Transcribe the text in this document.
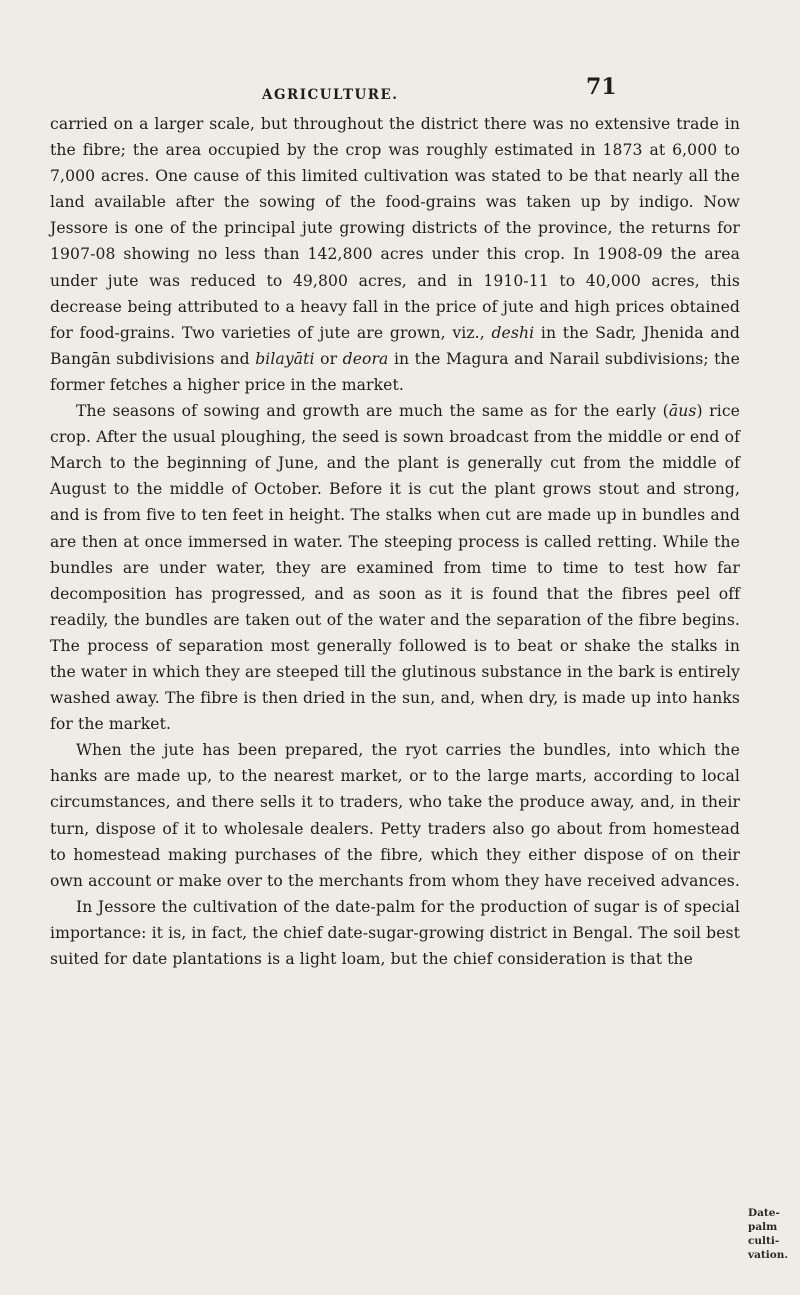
AGRICULTURE.	71

carried on a larger scale, but throughout the district there was no extensive trade in the fibre; the area occupied by the crop was roughly estimated in 1873 at 6,000 to 7,000 acres. One cause of this limited cultivation was stated to be that nearly all the land available after the sowing of the food-grains was taken up by indigo. Now Jessore is one of the principal jute growing districts of the province, the returns for 1907-08 showing no less than 142,800 acres under this crop. In 1908-09 the area under jute was reduced to 49,800 acres, and in 1910-11 to 40,000 acres, this decrease being attributed to a heavy fall in the price of jute and high prices obtained for food-grains. Two varieties of jute are grown, viz., deshi in the Sadr, Jhenida and Bangān subdivisions and bilayāti or deora in the Magura and Narail subdivisions; the former fetches a higher price in the market.

The seasons of sowing and growth are much the same as for the early (āus) rice crop. After the usual ploughing, the seed is sown broadcast from the middle or end of March to the beginning of June, and the plant is generally cut from the middle of August to the middle of October. Before it is cut the plant grows stout and strong, and is from five to ten feet in height. The stalks when cut are made up in bundles and are then at once immersed in water. The steeping process is called retting. While the bundles are under water, they are examined from time to time to test how far decomposition has progressed, and as soon as it is found that the fibres peel off readily, the bundles are taken out of the water and the separation of the fibre begins. The process of separation most generally followed is to beat or shake the stalks in the water in which they are steeped till the glutinous substance in the bark is entirely washed away. The fibre is then dried in the sun, and, when dry, is made up into hanks for the market.

When the jute has been prepared, the ryot carries the bundles, into which the hanks are made up, to the nearest market, or to the large marts, according to local circumstances, and there sells it to traders, who take the produce away, and, in their turn, dispose of it to wholesale dealers. Petty traders also go about from homestead to homestead making purchases of the fibre, which they either dispose of on their own account or make over to the merchants from whom they have received advances.

In Jessore the cultivation of the date-palm for the production of sugar is of special importance: it is, in fact, the chief date-sugar-growing district in Bengal. The soil best suited for date plantations is a light loam, but the chief consideration is that the

Date-palm
culti-
vation.
